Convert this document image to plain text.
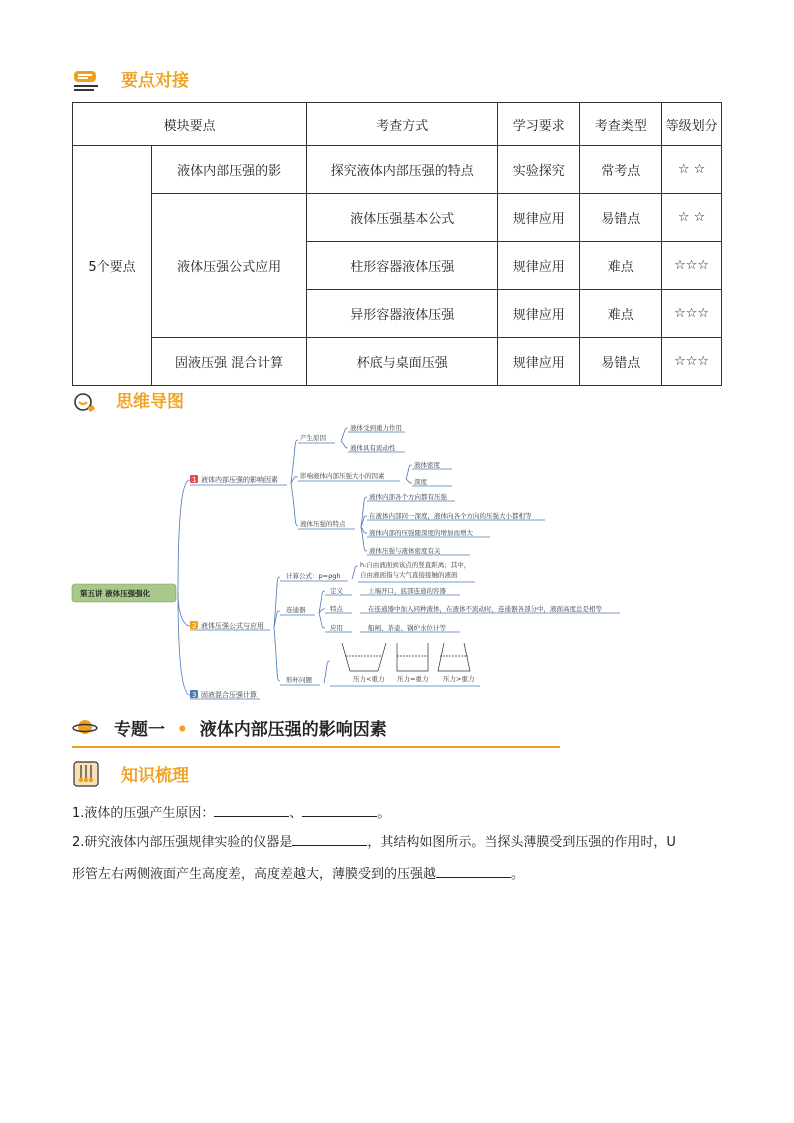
要点对接
模块要点		考查方式	学习要求	考查类型	等级划分
5个要点	液体内部压强的影	探究液体内部压强的特点	实验探究	常考点	☆ ☆
	液体压强公式应用	液体压强基本公式	规律应用	易错点	☆ ☆
		柱形容器液体压强	规律应用	难点	☆☆☆
		异形容器液体压强	规律应用	难点	☆☆☆
	固液压强 混合计算	杯底与桌面压强	规律应用	易错点	☆☆☆
思维导图
第五讲 液体压强强化
1 液体内部压强的影响因素
产生原因
液体受到重力作用
液体具有流动性
影响液体内部压强大小的因素
液体密度
深度
液体压强的特点
液体内部各个方向都有压强
在液体内部同一深度，液体向各个方向的压强大小都相等
液体内部的压强随深度的增加而增大
液体压强与液体密度有关
2 液体压强公式与应用
计算公式：p=ρgh
h:自由液面到该点的竖直距离；其中，
自由液面指与大气直接接触的液面
连通器
定义	上端开口，底部连通的容器
特点	在连通器中加入同种液体，在液体不流动时，连通器各部分中，液面高度总是相等
应用	船闸、茶壶、锅炉水位计等
形杯问题	压力<重力 压力=重力 压力>重力
3 固液混合压强计算
专题一 • 液体内部压强的影响因素
知识梳理
1.液体的压强产生原因：	、	。
2.研究液体内部压强规律实验的仪器是	，其结构如图所示。当探头薄膜受到压强的作用时，U
形管左右两侧液面产生高度差，高度差越大，薄膜受到的压强越	。
